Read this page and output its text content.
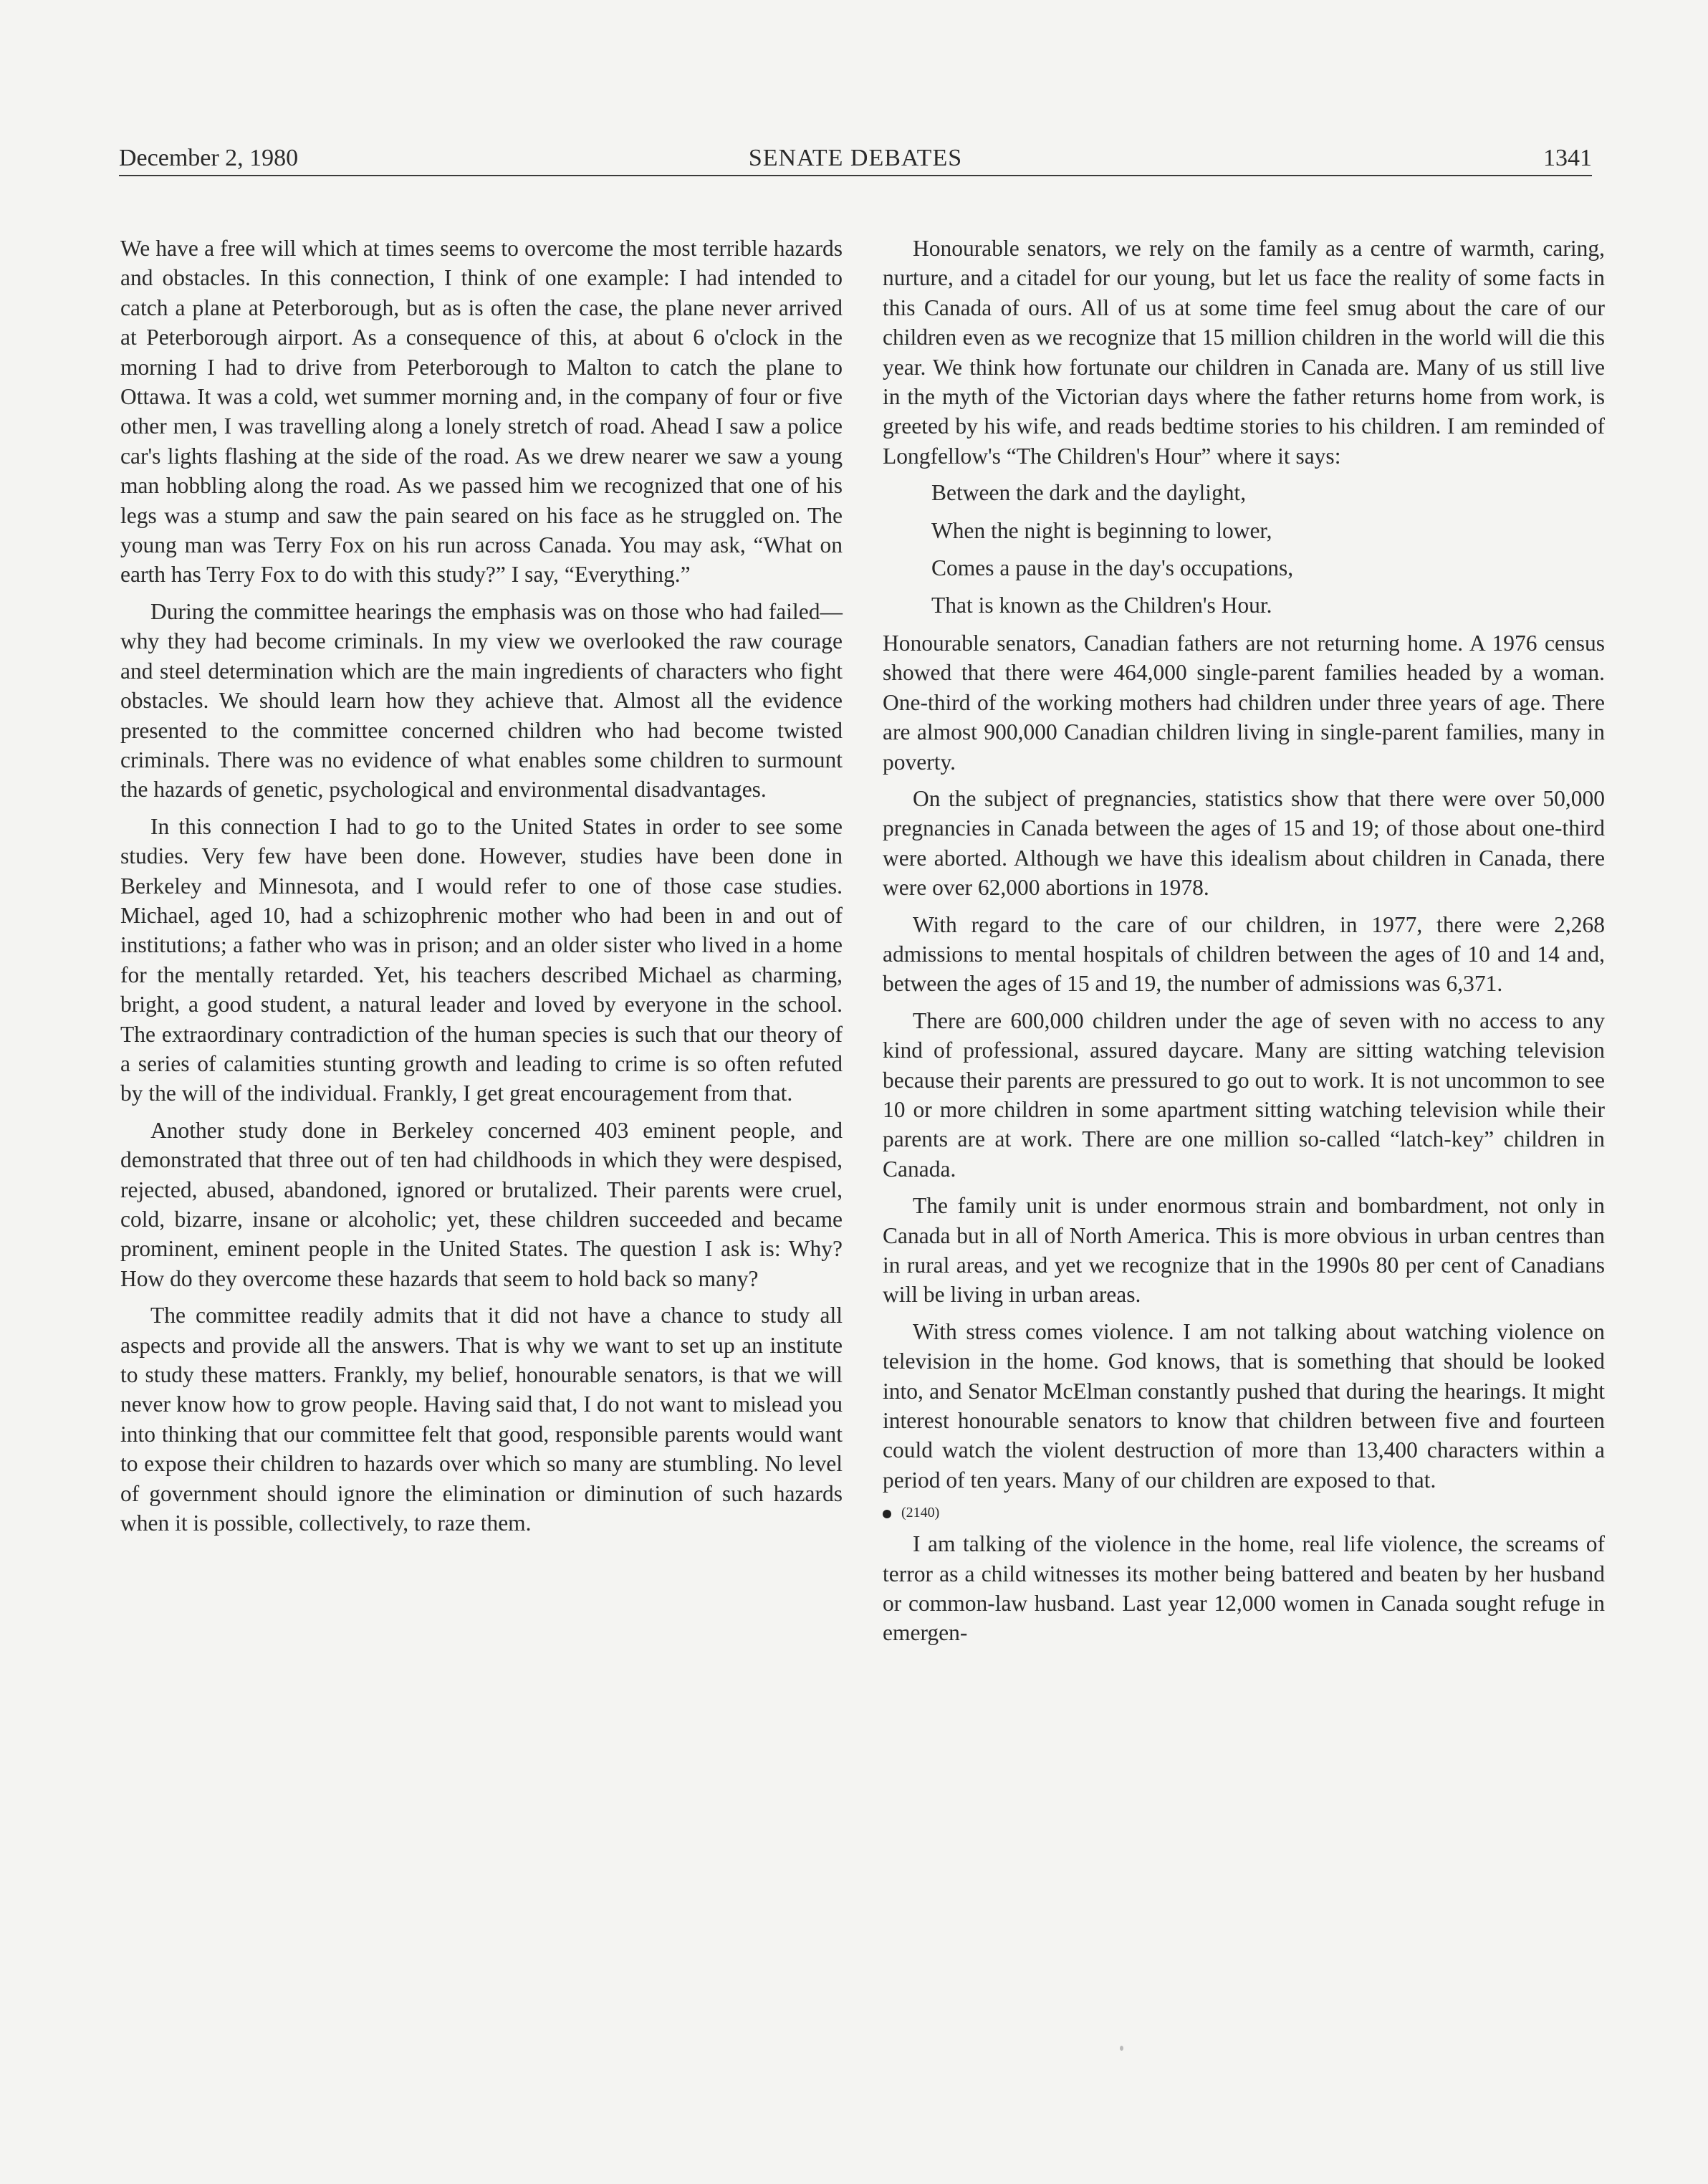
December 2, 1980	SENATE DEBATES	1341

We have a free will which at times seems to overcome the most terrible hazards and obstacles. In this connection, I think of one example: I had intended to catch a plane at Peterborough, but as is often the case, the plane never arrived at Peterborough airport. As a consequence of this, at about 6 o'clock in the morning I had to drive from Peterborough to Malton to catch the plane to Ottawa. It was a cold, wet summer morning and, in the company of four or five other men, I was travelling along a lonely stretch of road. Ahead I saw a police car's lights flashing at the side of the road. As we drew nearer we saw a young man hobbling along the road. As we passed him we recognized that one of his legs was a stump and saw the pain seared on his face as he struggled on. The young man was Terry Fox on his run across Canada. You may ask, “What on earth has Terry Fox to do with this study?” I say, “Everything.”

During the committee hearings the emphasis was on those who had failed—why they had become criminals. In my view we overlooked the raw courage and steel determination which are the main ingredients of characters who fight obstacles. We should learn how they achieve that. Almost all the evidence presented to the committee concerned children who had become twisted criminals. There was no evidence of what enables some children to surmount the hazards of genetic, psychological and environmental disadvantages.

In this connection I had to go to the United States in order to see some studies. Very few have been done. However, studies have been done in Berkeley and Minnesota, and I would refer to one of those case studies. Michael, aged 10, had a schizophrenic mother who had been in and out of institutions; a father who was in prison; and an older sister who lived in a home for the mentally retarded. Yet, his teachers described Michael as charming, bright, a good student, a natural leader and loved by everyone in the school. The extraordinary contradiction of the human species is such that our theory of a series of calamities stunting growth and leading to crime is so often refuted by the will of the individual. Frankly, I get great encouragement from that.

Another study done in Berkeley concerned 403 eminent people, and demonstrated that three out of ten had childhoods in which they were despised, rejected, abused, abandoned, ignored or brutalized. Their parents were cruel, cold, bizarre, insane or alcoholic; yet, these children succeeded and became prominent, eminent people in the United States. The question I ask is: Why? How do they overcome these hazards that seem to hold back so many?

The committee readily admits that it did not have a chance to study all aspects and provide all the answers. That is why we want to set up an institute to study these matters. Frankly, my belief, honourable senators, is that we will never know how to grow people. Having said that, I do not want to mislead you into thinking that our committee felt that good, responsible parents would want to expose their children to hazards over which so many are stumbling. No level of government should ignore the elimination or diminution of such hazards when it is possible, collectively, to raze them.

Honourable senators, we rely on the family as a centre of warmth, caring, nurture, and a citadel for our young, but let us face the reality of some facts in this Canada of ours. All of us at some time feel smug about the care of our children even as we recognize that 15 million children in the world will die this year. We think how fortunate our children in Canada are. Many of us still live in the myth of the Victorian days where the father returns home from work, is greeted by his wife, and reads bedtime stories to his children. I am reminded of Longfellow's “The Children's Hour” where it says:

Between the dark and the daylight,
When the night is beginning to lower,
Comes a pause in the day's occupations,
That is known as the Children's Hour.

Honourable senators, Canadian fathers are not returning home. A 1976 census showed that there were 464,000 single-parent families headed by a woman. One-third of the working mothers had children under three years of age. There are almost 900,000 Canadian children living in single-parent families, many in poverty.

On the subject of pregnancies, statistics show that there were over 50,000 pregnancies in Canada between the ages of 15 and 19; of those about one-third were aborted. Although we have this idealism about children in Canada, there were over 62,000 abortions in 1978.

With regard to the care of our children, in 1977, there were 2,268 admissions to mental hospitals of children between the ages of 10 and 14 and, between the ages of 15 and 19, the number of admissions was 6,371.

There are 600,000 children under the age of seven with no access to any kind of professional, assured daycare. Many are sitting watching television because their parents are pressured to go out to work. It is not uncommon to see 10 or more children in some apartment sitting watching television while their parents are at work. There are one million so-called “latch-key” children in Canada.

The family unit is under enormous strain and bombardment, not only in Canada but in all of North America. This is more obvious in urban centres than in rural areas, and yet we recognize that in the 1990s 80 per cent of Canadians will be living in urban areas.

With stress comes violence. I am not talking about watching violence on television in the home. God knows, that is something that should be looked into, and Senator McElman constantly pushed that during the hearings. It might interest honourable senators to know that children between five and fourteen could watch the violent destruction of more than 13,400 characters within a period of ten years. Many of our children are exposed to that.

(2140)

I am talking of the violence in the home, real life violence, the screams of terror as a child witnesses its mother being battered and beaten by her husband or common-law husband. Last year 12,000 women in Canada sought refuge in emergen-
